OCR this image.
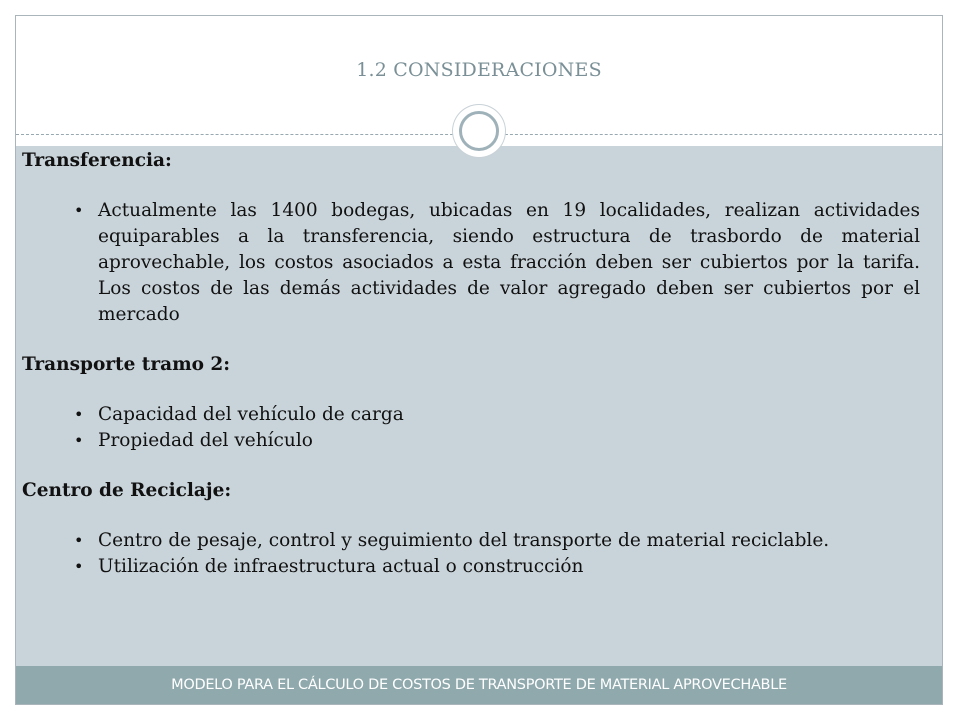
1.2 CONSIDERACIONES
MODELO PARA EL CÁLCULO DE COSTOS DE TRANSPORTE DE MATERIAL APROVECHABLE

Transferencia:

• Actualmente las 1400 bodegas, ubicadas en 19 localidades, realizan actividades equiparables a la transferencia, siendo estructura de trasbordo de material aprovechable, los costos asociados a esta fracción deben ser cubiertos por la tarifa. Los costos de las demás actividades de valor agregado deben ser cubiertos por el mercado

Transporte tramo 2:

• Capacidad del vehículo de carga
• Propiedad del vehículo

Centro de Reciclaje:

• Centro de pesaje, control y seguimiento del transporte de material reciclable.
• Utilización de infraestructura actual o construcción
